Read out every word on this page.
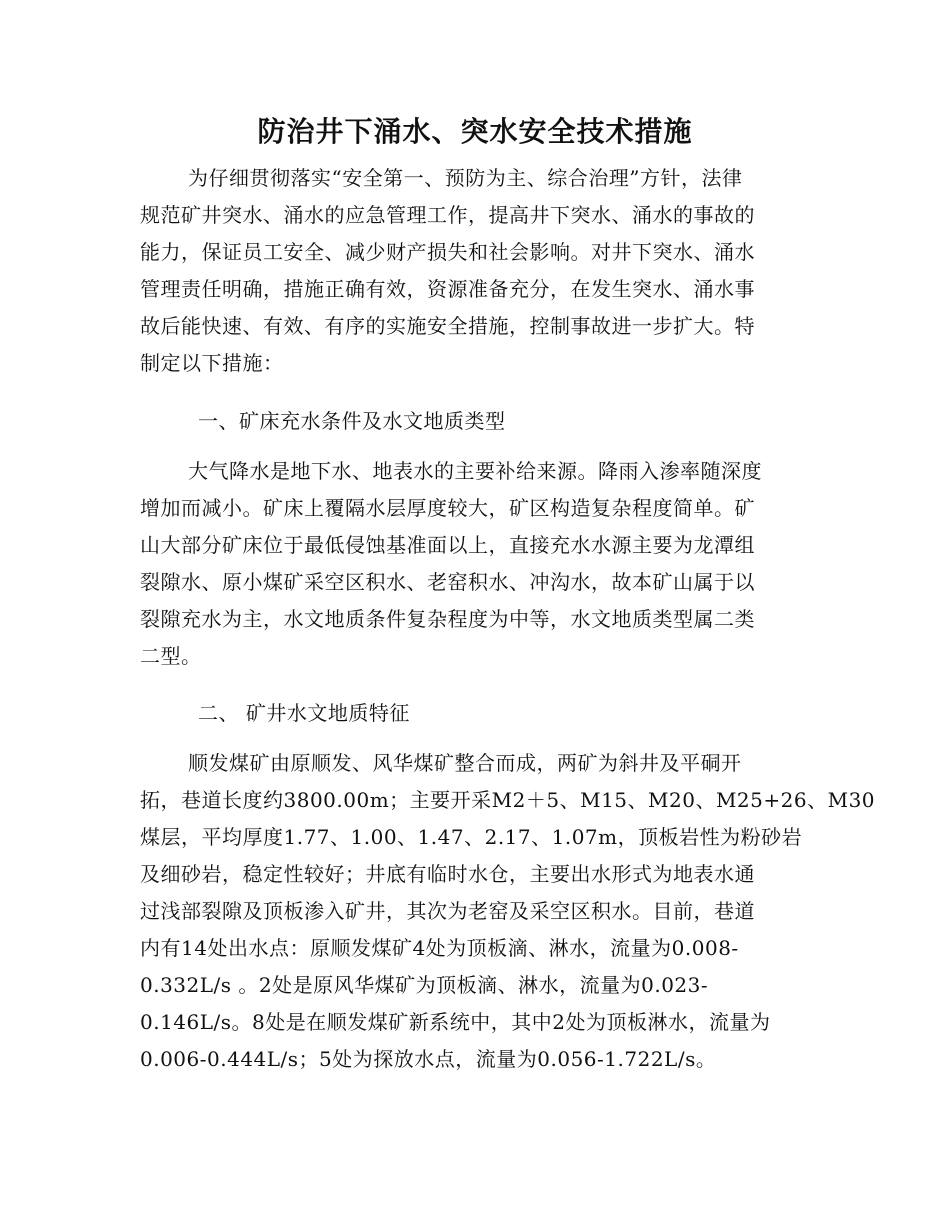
防治井下涌水、突水安全技术措施
为仔细贯彻落实“安全第一、预防为主、综合治理”方针，法律
规范矿井突水、涌水的应急管理工作，提高井下突水、涌水的事故的
能力，保证员工安全、减少财产损失和社会影响。对井下突水、涌水
管理责任明确，措施正确有效，资源准备充分，在发生突水、涌水事
故后能快速、有效、有序的实施安全措施，控制事故进一步扩大。特
制定以下措施：
一、矿床充水条件及水文地质类型
大气降水是地下水、地表水的主要补给来源。降雨入渗率随深度
增加而减小。矿床上覆隔水层厚度较大，矿区构造复杂程度简单。矿
山大部分矿床位于最低侵蚀基准面以上，直接充水水源主要为龙潭组
裂隙水、原小煤矿采空区积水、老窑积水、冲沟水，故本矿山属于以
裂隙充水为主，水文地质条件复杂程度为中等，水文地质类型属二类
二型。
二、 矿井水文地质特征
顺发煤矿由原顺发、风华煤矿整合而成，两矿为斜井及平硐开
拓，巷道长度约3800.00m；主要开采M2＋5、M15、M20、M25+26、M30
煤层，平均厚度1.77、1.00、1.47、2.17、1.07m，顶板岩性为粉砂岩
及细砂岩，稳定性较好；井底有临时水仓，主要出水形式为地表水通
过浅部裂隙及顶板渗入矿井，其次为老窑及采空区积水。目前，巷道
内有14处出水点：原顺发煤矿4处为顶板滴、淋水，流量为0.008-
0.332L/s 。2处是原风华煤矿为顶板滴、淋水，流量为0.023-
0.146L/s。8处是在顺发煤矿新系统中，其中2处为顶板淋水，流量为
0.006-0.444L/s；5处为探放水点，流量为0.056-1.722L/s。
